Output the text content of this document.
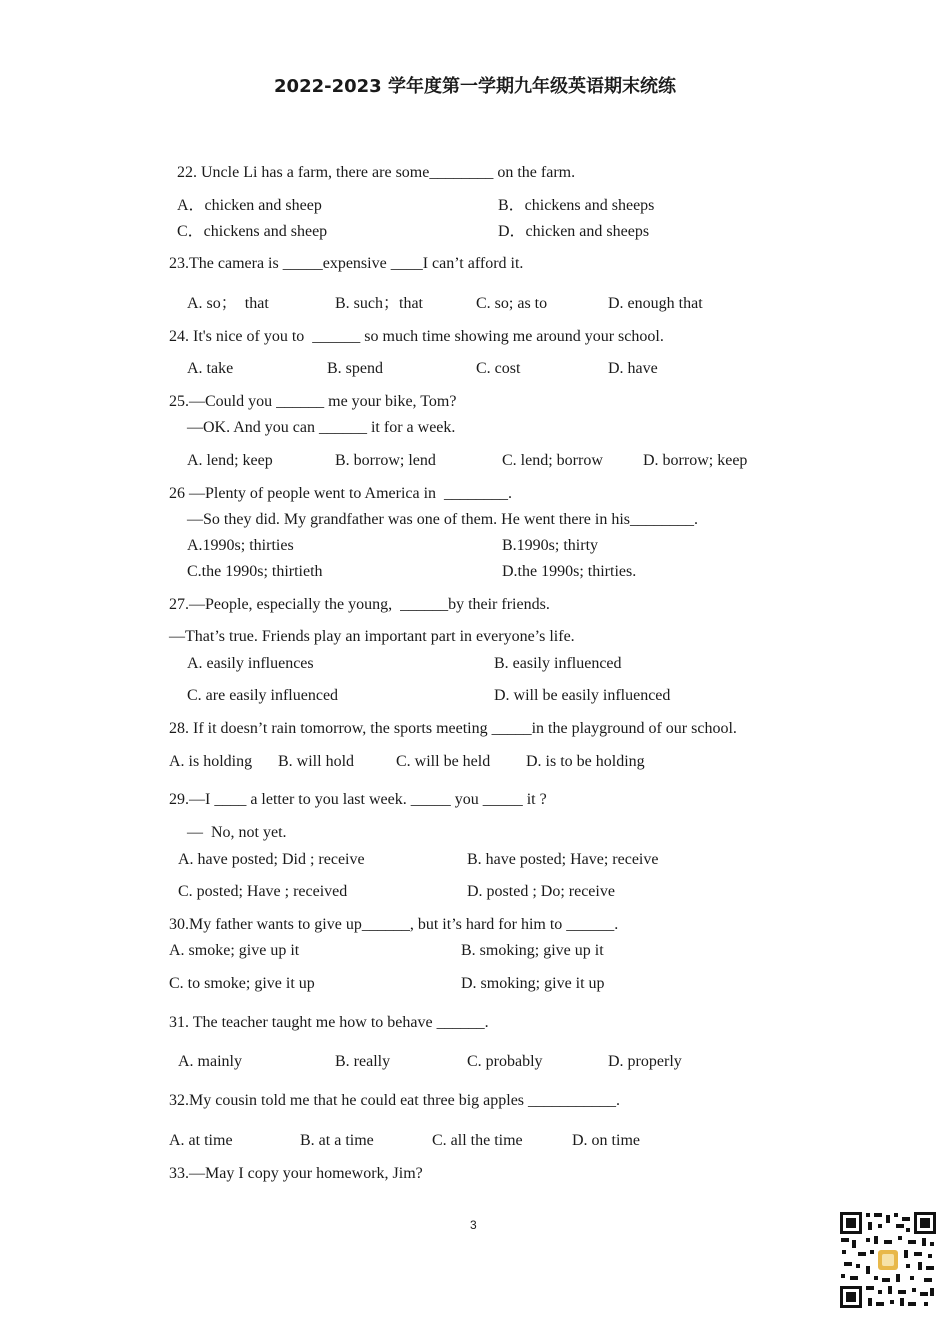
2022-2023 学年度第一学期九年级英语期末统练
22. Uncle Li has a farm, there are some________ on the farm.
A．chicken and sheep	B．chickens and sheeps
C．chickens and sheep	D．chicken and sheeps
23.The camera is _____expensive ____I can’t afford it.
A. so；  that	B. such；that	C. so; as to	D. enough that
24. It's nice of you to  ______ so much time showing me around your school.
A. take	B. spend	C. cost	D. have
25.—Could you ______ me your bike, Tom?
—OK. And you can ______ it for a week.
A. lend; keep	B. borrow; lend	C. lend; borrow	D. borrow; keep
26 —Plenty of people went to America in  ________.
—So they did. My grandfather was one of them. He went there in his________.
A.1990s; thirties	B.1990s; thirty
C.the 1990s; thirtieth	D.the 1990s; thirties.
27.—People, especially the young,  ______by their friends.
—That’s true. Friends play an important part in everyone’s life.
A. easily influences	B. easily influenced
C. are easily influenced	D. will be easily influenced
28. If it doesn’t rain tomorrow, the sports meeting _____in the playground of our school.
A. is holding B. will hold	C. will be held D. is to be holding
29.—I ____ a letter to you last week. _____ you _____ it ?
—  No, not yet.
A. have posted; Did ; receive	B. have posted; Have; receive
C. posted; Have ; received	D. posted ; Do; receive
30.My father wants to give up______, but it’s hard for him to ______.
A. smoke; give up it	B. smoking; give up it
C. to smoke; give it up	D. smoking; give it up
31. The teacher taught me how to behave ______.
A. mainly	B. really	C. probably	D. properly
32.My cousin told me that he could eat three big apples ___________.
A. at time	B. at a time	C. all the time	D. on time
33.—May I copy your homework, Jim?
3
